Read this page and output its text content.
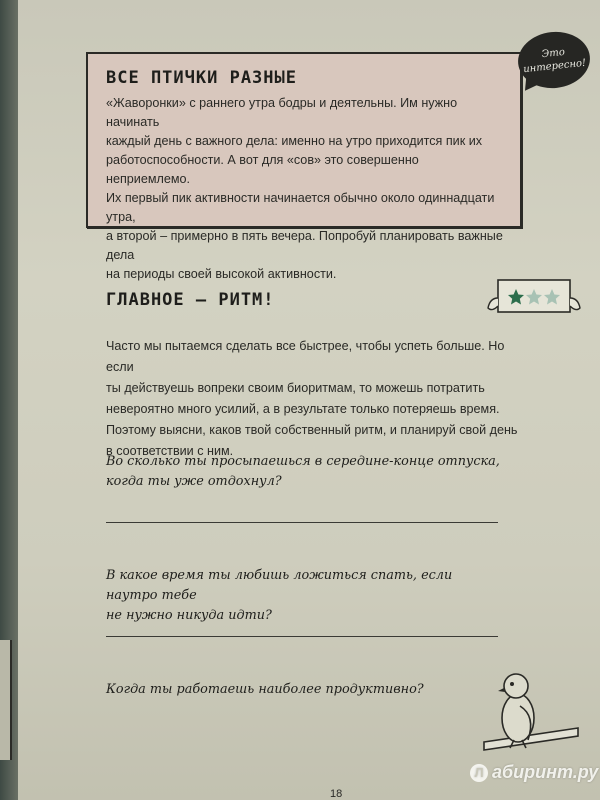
ВСЕ ПТИЧКИ РАЗНЫЕ
«Жаворонки» с раннего утра бодры и деятельны. Им нужно начинать
каждый день с важного дела: именно на утро приходится пик их
работоспособности. А вот для «сов» это совершенно неприемлемо.
Их первый пик активности начинается обычно около одиннадцати утра,
а второй – примерно в пять вечера. Попробуй планировать важные дела
на периоды своей высокой активности.
Это
интересно!
ГЛАВНОЕ — РИТМ!
Часто мы пытаемся сделать все быстрее, чтобы успеть больше. Но если
ты действуешь вопреки своим биоритмам, то можешь потратить
невероятно много усилий, а в результате только потеряешь время.
Поэтому выясни, каков твой собственный ритм, и планируй свой день
в соответствии с ним.
Во сколько ты просыпаешься в середине-конце отпуска,
когда ты уже отдохнул?
В какое время ты любишь ложиться спать, если наутро тебе
не нужно никуда идти?
Когда ты работаешь наиболее продуктивно?
18
Л абиринт.ру
